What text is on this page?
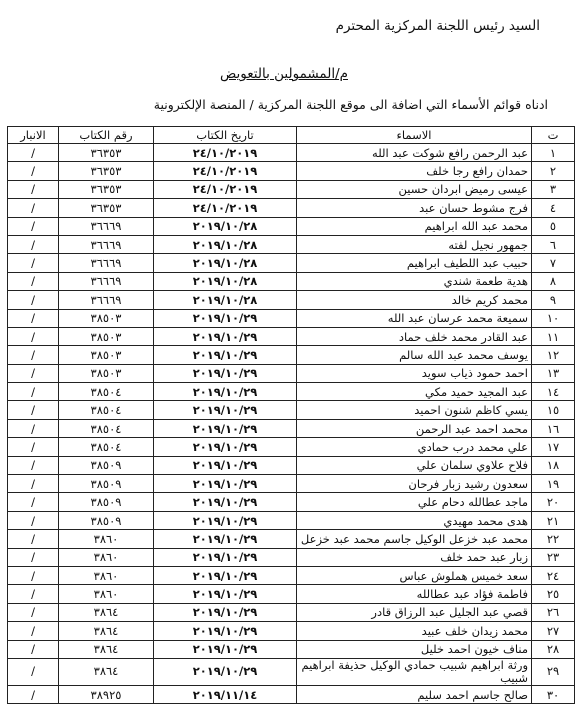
السيد رئيس اللجنة المركزية المحترم
م/المشمولين بالتعويض
ادناه قوائم الأسماء التي اضافة الى موقع اللجنة المركزية / المنصة الإلكترونية
ت	الاسماء	تاريخ الكتاب	رقم الكتاب	الانبار
١	عبد الرحمن رافع شوكت عبد الله	٢٤/١٠/٢٠١٩	٣٦٣٥٣	/
٢	حمدان رافع رجا خلف	٢٤/١٠/٢٠١٩	٣٦٣٥٣	/
٣	عيسى رميض ابردان حسين	٢٤/١٠/٢٠١٩	٣٦٣٥٣	/
٤	فرج مشوط حسان عبد	٢٤/١٠/٢٠١٩	٣٦٣٥٣	/
٥	محمد عبد الله ابراهيم	٢٠١٩/١٠/٢٨	٣٦٦٦٩	/
٦	جمهور نجيل لفته	٢٠١٩/١٠/٢٨	٣٦٦٦٩	/
٧	حبيب عبد اللطيف ابراهيم	٢٠١٩/١٠/٢٨	٣٦٦٦٩	/
٨	هدية طعمة شندي	٢٠١٩/١٠/٢٨	٣٦٦٦٩	/
٩	محمد كريم خالد	٢٠١٩/١٠/٢٨	٣٦٦٦٩	/
١٠	سميعة محمد عرسان عبد الله	٢٠١٩/١٠/٢٩	٣٨٥٠٣	/
١١	عبد القادر محمد خلف حماد	٢٠١٩/١٠/٢٩	٣٨٥٠٣	/
١٢	يوسف محمد عبد الله سالم	٢٠١٩/١٠/٢٩	٣٨٥٠٣	/
١٣	احمد حمود ذياب سويد	٢٠١٩/١٠/٢٩	٣٨٥٠٣	/
١٤	عبد المجيد حميد مكي	٢٠١٩/١٠/٢٩	٣٨٥٠٤	/
١٥	يسي كاظم شنون احميد	٢٠١٩/١٠/٢٩	٣٨٥٠٤	/
١٦	محمد احمد عبد الرحمن	٢٠١٩/١٠/٢٩	٣٨٥٠٤	/
١٧	علي محمد درب حمادي	٢٠١٩/١٠/٢٩	٣٨٥٠٤	/
١٨	فلاح علاوي سلمان علي	٢٠١٩/١٠/٢٩	٣٨٥٠٩	/
١٩	سعدون رشيد زبار فرحان	٢٠١٩/١٠/٢٩	٣٨٥٠٩	/
٢٠	ماجد عطالله دحام علي	٢٠١٩/١٠/٢٩	٣٨٥٠٩	/
٢١	هدى محمد مهيدي	٢٠١٩/١٠/٢٩	٣٨٥٠٩	/
٢٢	محمد عبد خزعل الوكيل جاسم محمد عبد خزعل	٢٠١٩/١٠/٢٩	٣٨٦٠	/
٢٣	زبار عبد حمد خلف	٢٠١٩/١٠/٢٩	٣٨٦٠	/
٢٤	سعد خميس هملوش عباس	٢٠١٩/١٠/٢٩	٣٨٦٠	/
٢٥	فاطمة فؤاد عبد عطالله	٢٠١٩/١٠/٢٩	٣٨٦٠	/
٢٦	قصي عبد الجليل عبد الرزاق قادر	٢٠١٩/١٠/٢٩	٣٨٦٤	/
٢٧	محمد زيدان خلف عبيد	٢٠١٩/١٠/٢٩	٣٨٦٤	/
٢٨	مناف خيون احمد خليل	٢٠١٩/١٠/٢٩	٣٨٦٤	/
٢٩	ورثة ابراهيم شبيب حمادي الوكيل حذيفة ابراهيم شبيب	٢٠١٩/١٠/٢٩	٣٨٦٤	/
٣٠	صالح جاسم احمد سليم	٢٠١٩/١١/١٤	٣٨٩٢٥	/
